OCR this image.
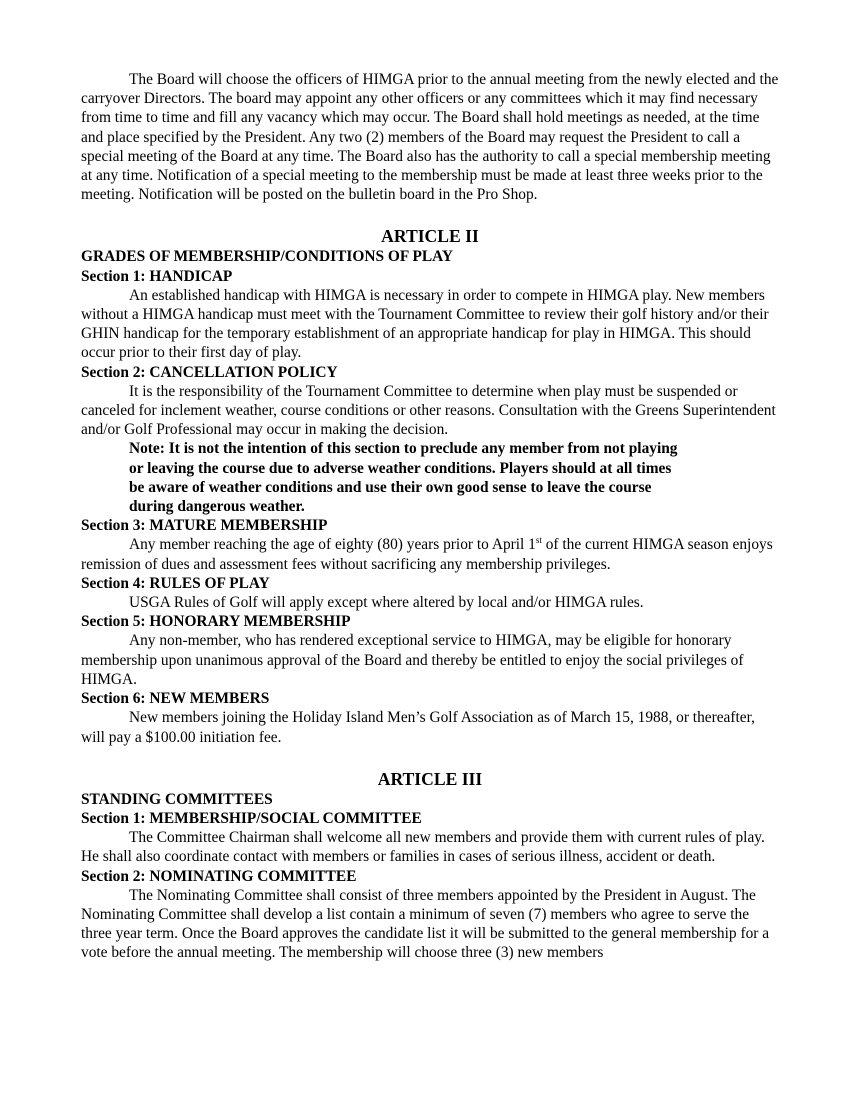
The Board will choose the officers of HIMGA prior to the annual meeting from the newly elected and the carryover Directors. The board may appoint any other officers or any committees which it may find necessary from time to time and fill any vacancy which may occur. The Board shall hold meetings as needed, at the time and place specified by the President. Any two (2) members of the Board may request the President to call a special meeting of the Board at any time. The Board also has the authority to call a special membership meeting at any time. Notification of a special meeting to the membership must be made at least three weeks prior to the meeting. Notification will be posted on the bulletin board in the Pro Shop.

ARTICLE II

GRADES OF MEMBERSHIP/CONDITIONS OF PLAY

Section 1: HANDICAP

An established handicap with HIMGA is necessary in order to compete in HIMGA play. New members without a HIMGA handicap must meet with the Tournament Committee to review their golf history and/or their GHIN handicap for the temporary establishment of an appropriate handicap for play in HIMGA. This should occur prior to their first day of play.

Section 2: CANCELLATION POLICY

It is the responsibility of the Tournament Committee to determine when play must be suspended or canceled for inclement weather, course conditions or other reasons. Consultation with the Greens Superintendent and/or Golf Professional may occur in making the decision.

Note: It is not the intention of this section to preclude any member from not playing

or leaving the course due to adverse weather conditions. Players should at all times

be aware of weather conditions and use their own good sense to leave the course

during dangerous weather.

Section 3: MATURE MEMBERSHIP

Any member reaching the age of eighty (80) years prior to April 1st of the current HIMGA season enjoys remission of dues and assessment fees without sacrificing any membership privileges.

Section 4: RULES OF PLAY

USGA Rules of Golf will apply except where altered by local and/or HIMGA rules.

Section 5: HONORARY MEMBERSHIP

Any non-member, who has rendered exceptional service to HIMGA, may be eligible for honorary membership upon unanimous approval of the Board and thereby be entitled to enjoy the social privileges of HIMGA.

Section 6: NEW MEMBERS

New members joining the Holiday Island Men’s Golf Association as of March 15, 1988, or thereafter, will pay a $100.00 initiation fee.

ARTICLE III

STANDING COMMITTEES

Section 1: MEMBERSHIP/SOCIAL COMMITTEE

The Committee Chairman shall welcome all new members and provide them with current rules of play. He shall also coordinate contact with members or families in cases of serious illness, accident or death.

Section 2: NOMINATING COMMITTEE

The Nominating Committee shall consist of three members appointed by the President in August. The Nominating Committee shall develop a list contain a minimum of seven (7) members who agree to serve the three year term. Once the Board approves the candidate list it will be submitted to the general membership for a vote before the annual meeting. The membership will choose three (3) new members
